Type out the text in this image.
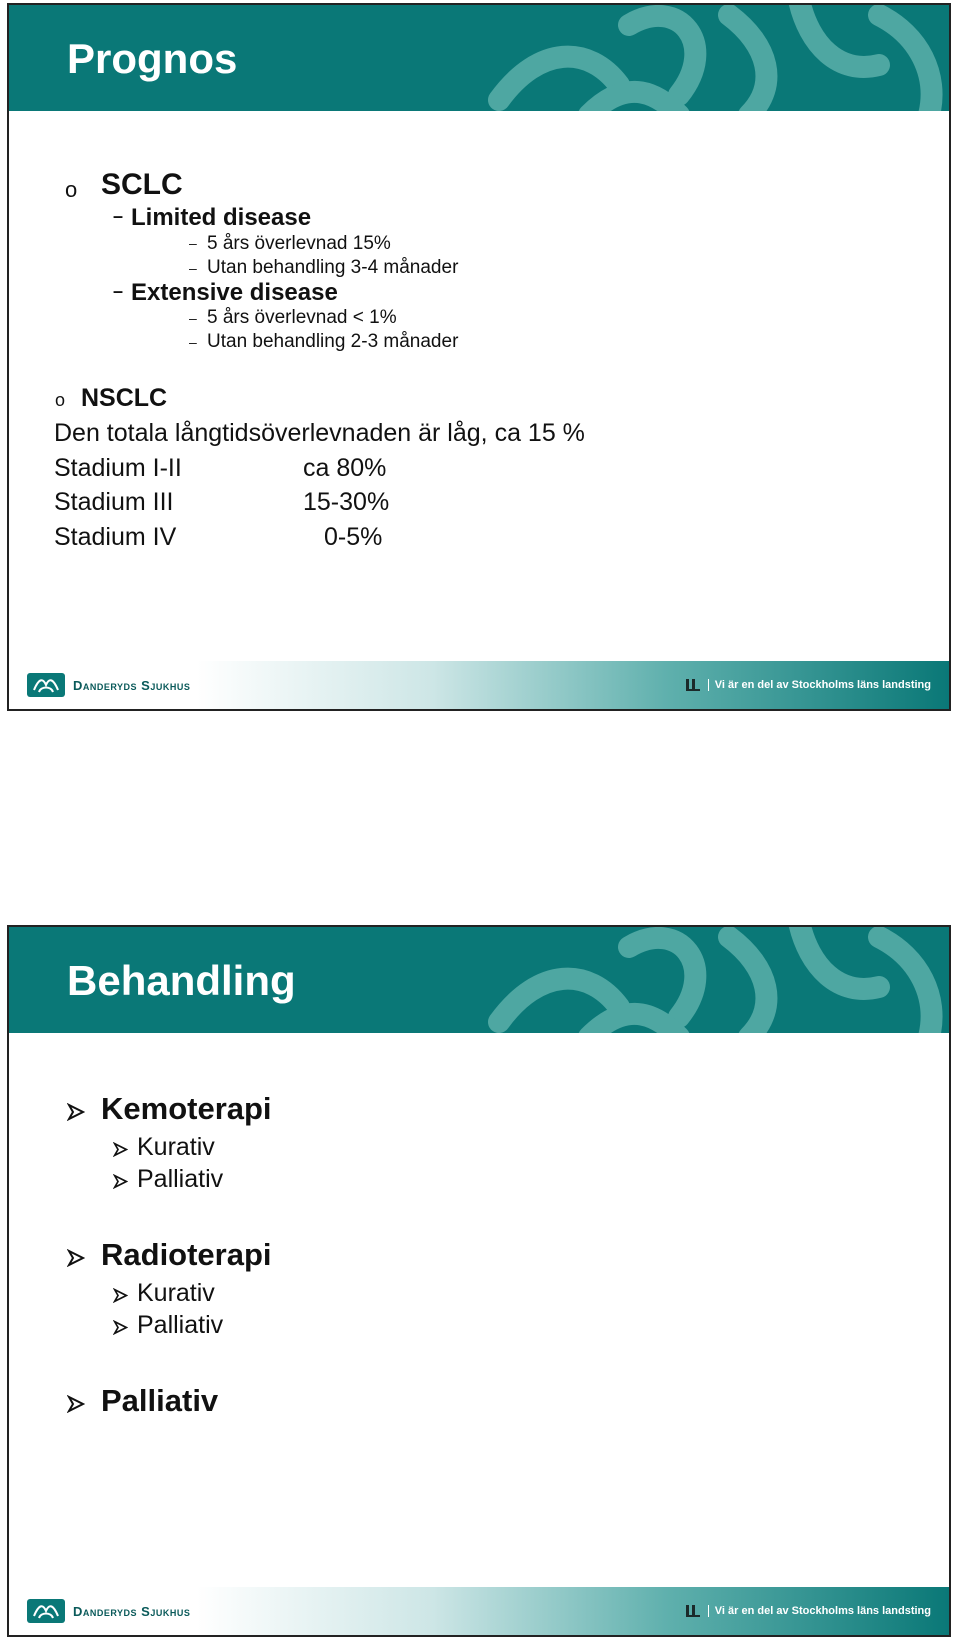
Prognos
o SCLC
– Limited disease
– 5 års överlevnad 15%
– Utan behandling 3-4 månader
– Extensive disease
– 5 års överlevnad < 1%
– Utan behandling 2-3 månader
o NSCLC
Den totala långtidsöverlevnaden är låg, ca 15 %
Stadium I-II	ca 80%
Stadium III	15-30%
Stadium IV	0-5%
Danderyds Sjukhus	Vi är en del av Stockholms läns landsting
Behandling
Kemoterapi
Kurativ
Palliativ
Radioterapi
Kurativ
Palliativ
Palliativ
Danderyds Sjukhus	Vi är en del av Stockholms läns landsting
